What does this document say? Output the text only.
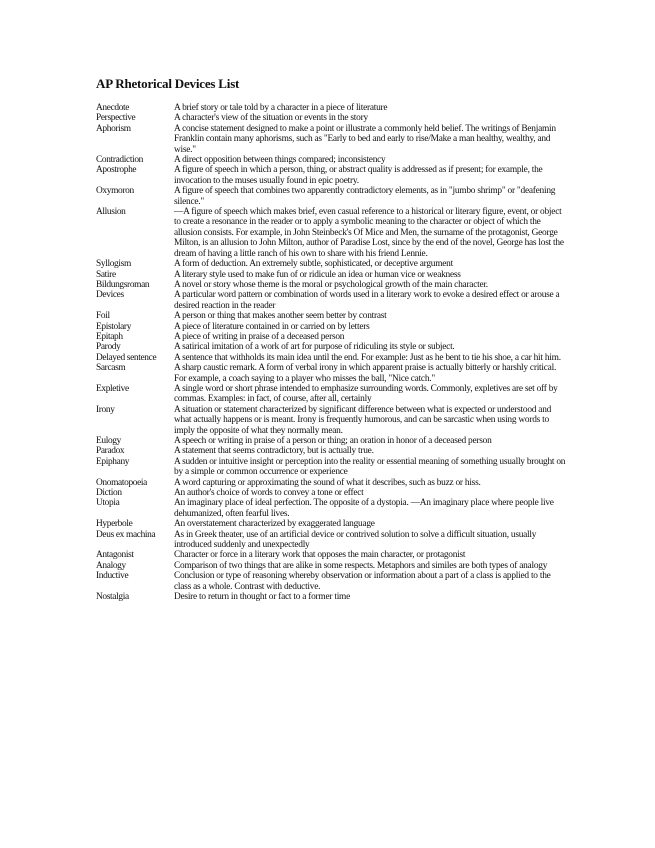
AP Rhetorical Devices List
Anecdote	A brief story or tale told by a character in a piece of literature
Perspective	A character's view of the situation or events in the story
Aphorism	A concise statement designed to make a point or illustrate a commonly held belief. The writings of Benjamin Franklin contain many aphorisms, such as "Early to bed and early to rise/Make a man healthy, wealthy, and wise."
Contradiction	A direct opposition between things compared; inconsistency
Apostrophe	A figure of speech in which a person, thing, or abstract quality is addressed as if present; for example, the invocation to the muses usually found in epic poetry.
Oxymoron	A figure of speech that combines two apparently contradictory elements, as in "jumbo shrimp" or "deafening silence."
Allusion	—A figure of speech which makes brief, even casual reference to a historical or literary figure, event, or object to create a resonance in the reader or to apply a symbolic meaning to the character or object of which the allusion consists. For example, in John Steinbeck's Of Mice and Men, the surname of the protagonist, George Milton, is an allusion to John Milton, author of Paradise Lost, since by the end of the novel, George has lost the dream of having a little ranch of his own to share with his friend Lennie.
Syllogism	A form of deduction. An extremely subtle, sophisticated, or deceptive argument
Satire	A literary style used to make fun of or ridicule an idea or human vice or weakness
Bildungsroman	A novel or story whose theme is the moral or psychological growth of the main character.
Devices	A particular word pattern or combination of words used in a literary work to evoke a desired effect or arouse a desired reaction in the reader
Foil	A person or thing that makes another seem better by contrast
Epistolary	A piece of literature contained in or carried on by letters
Epitaph	A piece of writing in praise of a deceased person
Parody	A satirical imitation of a work of art for purpose of ridiculing its style or subject.
Delayed sentence	A sentence that withholds its main idea until the end. For example: Just as he bent to tie his shoe, a car hit him.
Sarcasm	A sharp caustic remark. A form of verbal irony in which apparent praise is actually bitterly or harshly critical. For example, a coach saying to a player who misses the ball, "Nice catch."
Expletive	A single word or short phrase intended to emphasize surrounding words. Commonly, expletives are set off by commas. Examples: in fact, of course, after all, certainly
Irony	A situation or statement characterized by significant difference between what is expected or understood and what actually happens or is meant. Irony is frequently humorous, and can be sarcastic when using words to imply the opposite of what they normally mean.
Eulogy	A speech or writing in praise of a person or thing; an oration in honor of a deceased person
Paradox	A statement that seems contradictory, but is actually true.
Epiphany	A sudden or intuitive insight or perception into the reality or essential meaning of something usually brought on by a simple or common occurrence or experience
Onomatopoeia	A word capturing or approximating the sound of what it describes, such as buzz or hiss.
Diction	An author's choice of words to convey a tone or effect
Utopia	An imaginary place of ideal perfection. The opposite of a dystopia. —An imaginary place where people live dehumanized, often fearful lives.
Hyperbole	An overstatement characterized by exaggerated language
Deus ex machina	As in Greek theater, use of an artificial device or contrived solution to solve a difficult situation, usually introduced suddenly and unexpectedly
Antagonist	Character or force in a literary work that opposes the main character, or protagonist
Analogy	Comparison of two things that are alike in some respects. Metaphors and similes are both types of analogy
Inductive	Conclusion or type of reasoning whereby observation or information about a part of a class is applied to the class as a whole. Contrast with deductive.
Nostalgia	Desire to return in thought or fact to a former time
